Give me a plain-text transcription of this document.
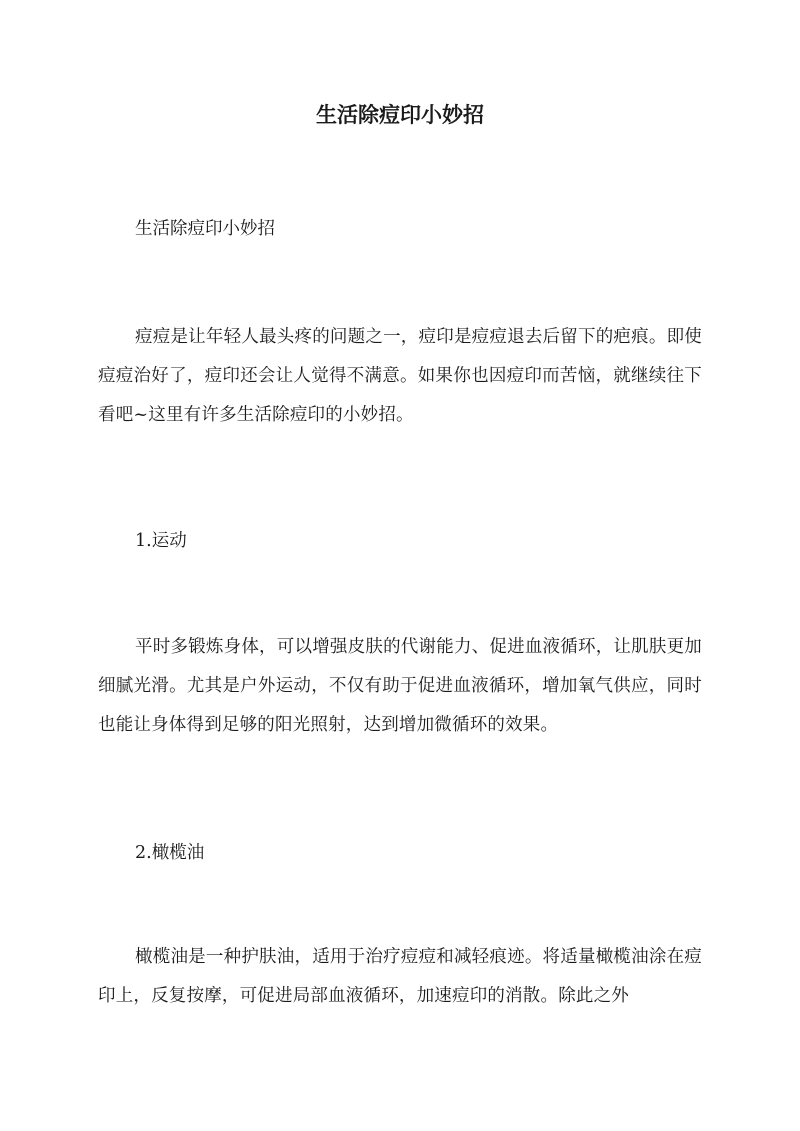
生活除痘印小妙招

生活除痘印小妙招

痘痘是让年轻人最头疼的问题之一，痘印是痘痘退去后留下的疤痕。即使痘痘治好了，痘印还会让人觉得不满意。如果你也因痘印而苦恼，就继续往下看吧~这里有许多生活除痘印的小妙招。

1.运动

平时多锻炼身体，可以增强皮肤的代谢能力、促进血液循环，让肌肤更加细腻光滑。尤其是户外运动，不仅有助于促进血液循环，增加氧气供应，同时也能让身体得到足够的阳光照射，达到增加微循环的效果。

2.橄榄油

橄榄油是一种护肤油，适用于治疗痘痘和减轻痕迹。将适量橄榄油涂在痘印上，反复按摩，可促进局部血液循环，加速痘印的消散。除此之外
